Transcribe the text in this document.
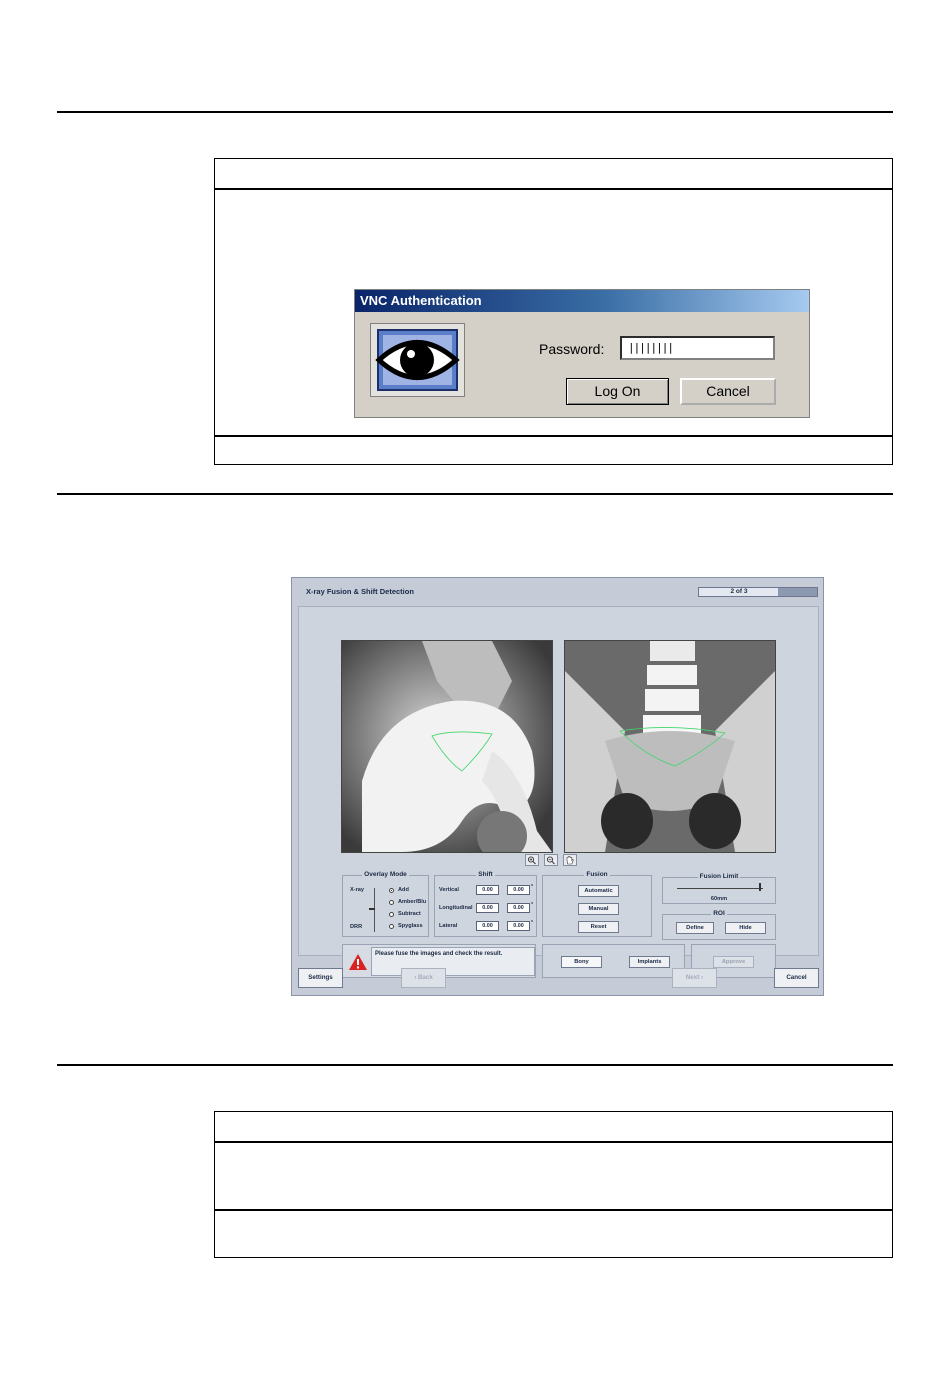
VNC Authentication
Password:	||||||||
Log On	Cancel
X-ray Fusion & Shift Detection	2 of 3
Overlay Mode
X-ray
DRR
Add
Amber/Blu
Subtract
Spyglass
Shift
Vertical	0.00	0.00	°
Longitudinal	0.00	0.00	°
Lateral	0.00	0.00	°
Fusion
Automatic
Manual
Reset
Fusion Limit
60mm
ROI
Define	Hide
Please fuse the images and check the result.
Bony	Implants	Approve
Settings	‹ Back	Next ›	Cancel
